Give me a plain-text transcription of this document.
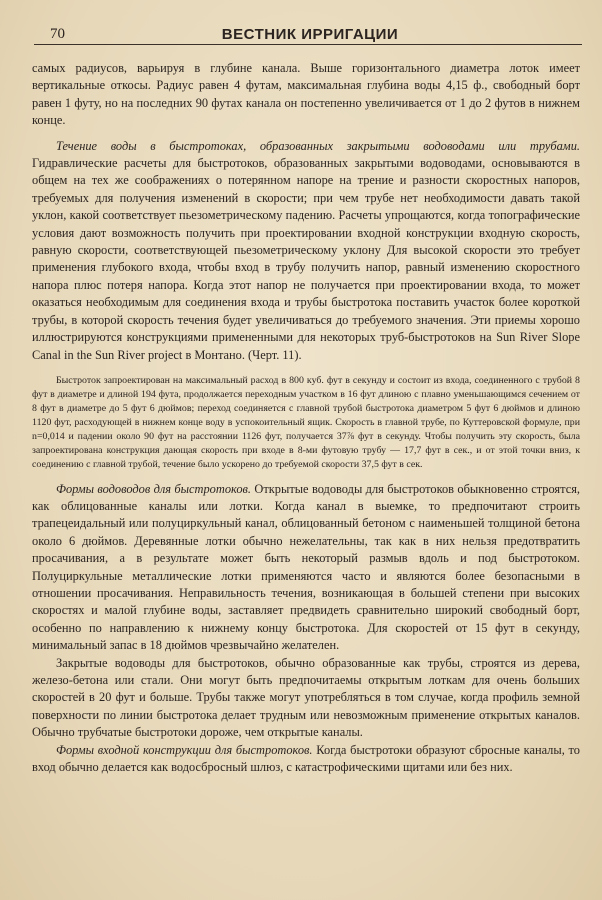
70	ВЕСТНИК ИРРИГАЦИИ

самых радиусов, варьируя в глубине канала. Выше горизонтального диаметра лоток имеет вертикальные откосы. Радиус равен 4 футам, максимальная глубина воды 4,15 ф., свободный борт равен 1 футу, но на последних 90 футах канала он постепенно увеличивается от 1 до 2 футов в нижнем конце.

Течение воды в быстротоках, образованных закрытыми водоводами или трубами. Гидравлические расчеты для быстротоков, образованных закрытыми водоводами, основываются в общем на тех же соображениях о потерянном напоре на трение и разности скоростных напоров, требуемых для получения изменений в скорости; при чем трубе нет необходимости давать такой уклон, какой соответствует пьезометрическому падению. Расчеты упрощаются, когда топографические условия дают возможность получить при проектировании входной конструкции входную скорость, равную скорости, соответствующей пьезометрическому уклону Для высокой скорости это требует применения глубокого входа, чтобы вход в трубу получить напор, равный изменению скоростного напора плюс потеря напора. Когда этот напор не получается при проектировании входа, то может оказаться необходимым для соединения входа и трубы быстротока поставить участок более короткой трубы, в которой скорость течения будет увеличиваться до требуемого значения. Эти приемы хорошо иллюстрируются конструкциями примененными для некоторых труб-быстротоков на Sun River Slope Canal in the Sun River project в Монтано. (Черт. 11).

Быстроток запроектирован на максимальный расход в 800 куб. фут в секунду и состоит из входа, соединенного с трубой 8 фут в диаметре и длиной 194 фута, продолжается переходным участком в 16 фут длиною с плавно уменьшающимся сечением от 8 фут в диаметре до 5 фут 6 дюймов; переход соединяется с главной трубой быстротока диаметром 5 фут 6 дюймов и длиною 1120 фут, расходующей в нижнем конце воду в успокоительный ящик. Скорость в главной трубе, по Куттеровской формуле, при n=0,014 и падении около 90 фут на расстоянии 1126 фут, получается 37⅞ фут в секунду. Чтобы получить эту скорость, была запроектирована конструкция дающая скорость при входе в 8-ми футовую трубу — 17,7 фут в сек., и от этой точки вниз, к соединению с главной трубой, течение было ускорено до требуемой скорости 37,5 фут в сек.

Формы водоводов для быстротоков. Открытые водоводы для быстротоков обыкновенно строятся, как облицованные каналы или лотки. Когда канал в выемке, то предпочитают строить трапецеидальный или полуциркульный канал, облицованный бетоном с наименьшей толщиной бетона около 6 дюймов. Деревянные лотки обычно нежелательны, так как в них нельзя предотвратить просачивания, а в результате может быть некоторый размыв вдоль и под быстротоком. Полуциркульные металлические лотки применяются часто и являются более безопасными в отношении просачивания. Неправильность течения, возникающая в большей степени при высоких скоростях и малой глубине воды, заставляет предвидеть сравнительно широкий свободный борт, особенно по направлению к нижнему концу быстротока. Для скоростей от 15 фут в секунду, минимальный запас в 18 дюймов чрезвычайно желателен.

Закрытые водоводы для быстротоков, обычно образованные как трубы, строятся из дерева, железо-бетона или стали. Они могут быть предпочитаемы открытым лоткам для очень больших скоростей в 20 фут и больше. Трубы также могут употребляться в том случае, когда профиль земной поверхности по линии быстротока делает трудным или невозможным применение открытых каналов. Обычно трубчатые быстротоки дороже, чем открытые каналы.

Формы входной конструкции для быстротоков. Когда быстротоки образуют сбросные каналы, то вход обычно делается как водосбросный шлюз, с катастрофическими щитами или без них.
